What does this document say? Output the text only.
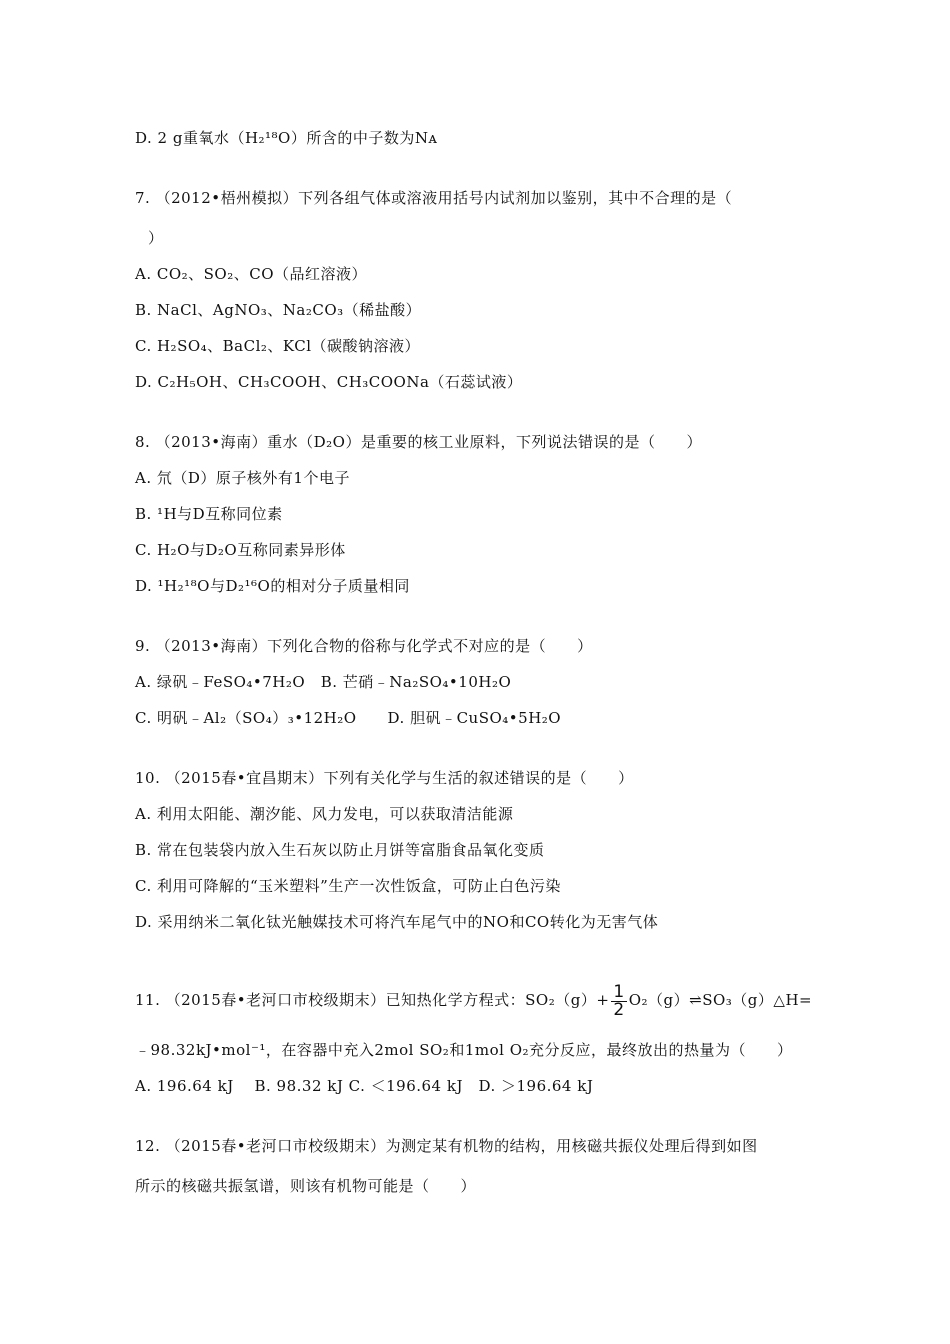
D. 2 g重氧水（H₂¹⁸O）所含的中子数为Nᴀ
7. （2012•梧州模拟）下列各组气体或溶液用括号内试剂加以鉴别，其中不合理的是（
）
A. CO₂、SO₂、CO（品红溶液）
B. NaCl、AgNO₃、Na₂CO₃（稀盐酸）
C. H₂SO₄、BaCl₂、KCl（碳酸钠溶液）
D. C₂H₅OH、CH₃COOH、CH₃COONa（石蕊试液）
8. （2013•海南）重水（D₂O）是重要的核工业原料，下列说法错误的是（　　）
A. 氘（D）原子核外有1个电子
B. ¹H与D互称同位素
C. H₂O与D₂O互称同素异形体
D. ¹H₂¹⁸O与D₂¹⁶O的相对分子质量相同
9. （2013•海南）下列化合物的俗称与化学式不对应的是（　　）
A. 绿矾﹣FeSO₄•7H₂O　B. 芒硝﹣Na₂SO₄•10H₂O
C. 明矾﹣Al₂（SO₄）₃•12H₂O　　D. 胆矾﹣CuSO₄•5H₂O
10. （2015春•宜昌期末）下列有关化学与生活的叙述错误的是（　　）
A. 利用太阳能、潮汐能、风力发电，可以获取清洁能源
B. 常在包装袋内放入生石灰以防止月饼等富脂食品氧化变质
C. 利用可降解的“玉米塑料”生产一次性饭盒，可防止白色污染
D. 采用纳米二氧化钛光触媒技术可将汽车尾气中的NO和CO转化为无害气体
11. （2015春•老河口市校级期末）已知热化学方程式：$SO_2(g)+ \frac{1}{2}$ O₂（g）⇌SO₃（g）△H=
﹣98.32kJ•mol⁻¹，在容器中充入2mol SO₂和1mol O₂充分反应，最终放出的热量为（　　）
A. 196.64 kJ　 B. 98.32 kJ C. ＜196.64 kJ　D. ＞196.64 kJ
12. （2015春•老河口市校级期末）为测定某有机物的结构，用核磁共振仪处理后得到如图
所示的核磁共振氢谱，则该有机物可能是（　　）
